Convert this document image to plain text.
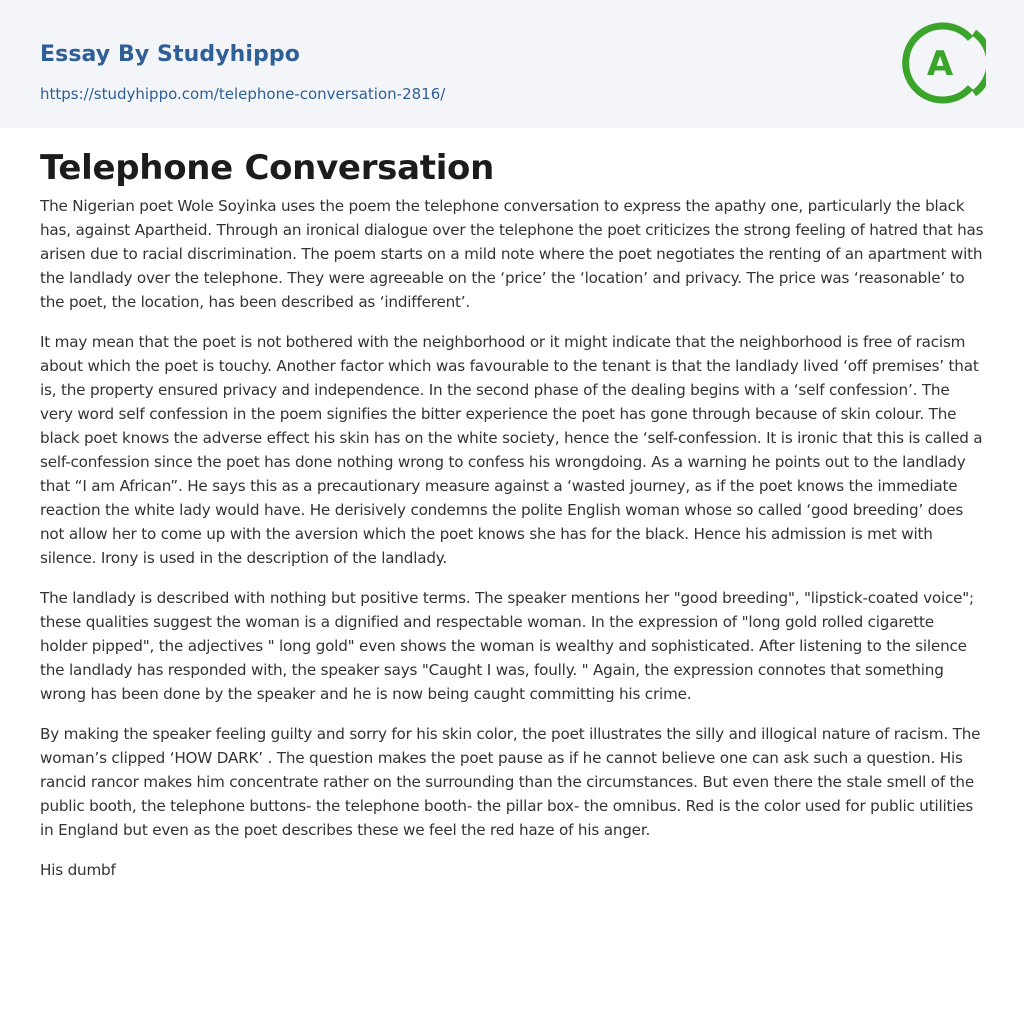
Essay By Studyhippo
https://studyhippo.com/telephone-conversation-2816/
A
Telephone Conversation

The Nigerian poet Wole Soyinka uses the poem the telephone conversation to express the apathy one, particularly the black has, against Apartheid. Through an ironical dialogue over the telephone the poet criticizes the strong feeling of hatred that has arisen due to racial discrimination. The poem starts on a mild note where the poet negotiates the renting of an apartment with the landlady over the telephone. They were agreeable on the ‘price’ the ‘location’ and privacy. The price was ‘reasonable’ to the poet, the location, has been described as ‘indifferent’.

It may mean that the poet is not bothered with the neighborhood or it might indicate that the neighborhood is free of racism about which the poet is touchy. Another factor which was favourable to the tenant is that the landlady lived ‘off premises’ that is, the property ensured privacy and independence. In the second phase of the dealing begins with a ‘self confession’. The very word self confession in the poem signifies the bitter experience the poet has gone through because of skin colour. The black poet knows the adverse effect his skin has on the white society, hence the ‘self-confession. It is ironic that this is called a self-confession since the poet has done nothing wrong to confess his wrongdoing. As a warning he points out to the landlady that “I am African”. He says this as a precautionary measure against a ‘wasted journey, as if the poet knows the immediate reaction the white lady would have. He derisively condemns the polite English woman whose so called ‘good breeding’ does not allow her to come up with the aversion which the poet knows she has for the black. Hence his admission is met with silence. Irony is used in the description of the landlady.

The landlady is described with nothing but positive terms. The speaker mentions her "good breeding", "lipstick-coated voice"; these qualities suggest the woman is a dignified and respectable woman. In the expression of "long gold rolled cigarette holder pipped", the adjectives " long gold" even shows the woman is wealthy and sophisticated. After listening to the silence the landlady has responded with, the speaker says "Caught I was, foully. " Again, the expression connotes that something wrong has been done by the speaker and he is now being caught committing his crime.

By making the speaker feeling guilty and sorry for his skin color, the poet illustrates the silly and illogical nature of racism. The woman’s clipped ‘HOW DARK’ . The question makes the poet pause as if he cannot believe one can ask such a question. His rancid rancor makes him concentrate rather on the surrounding than the circumstances. But even there the stale smell of the public booth, the telephone buttons- the telephone booth- the pillar box- the omnibus. Red is the color used for public utilities in England but even as the poet describes these we feel the red haze of his anger.

His dumbf
